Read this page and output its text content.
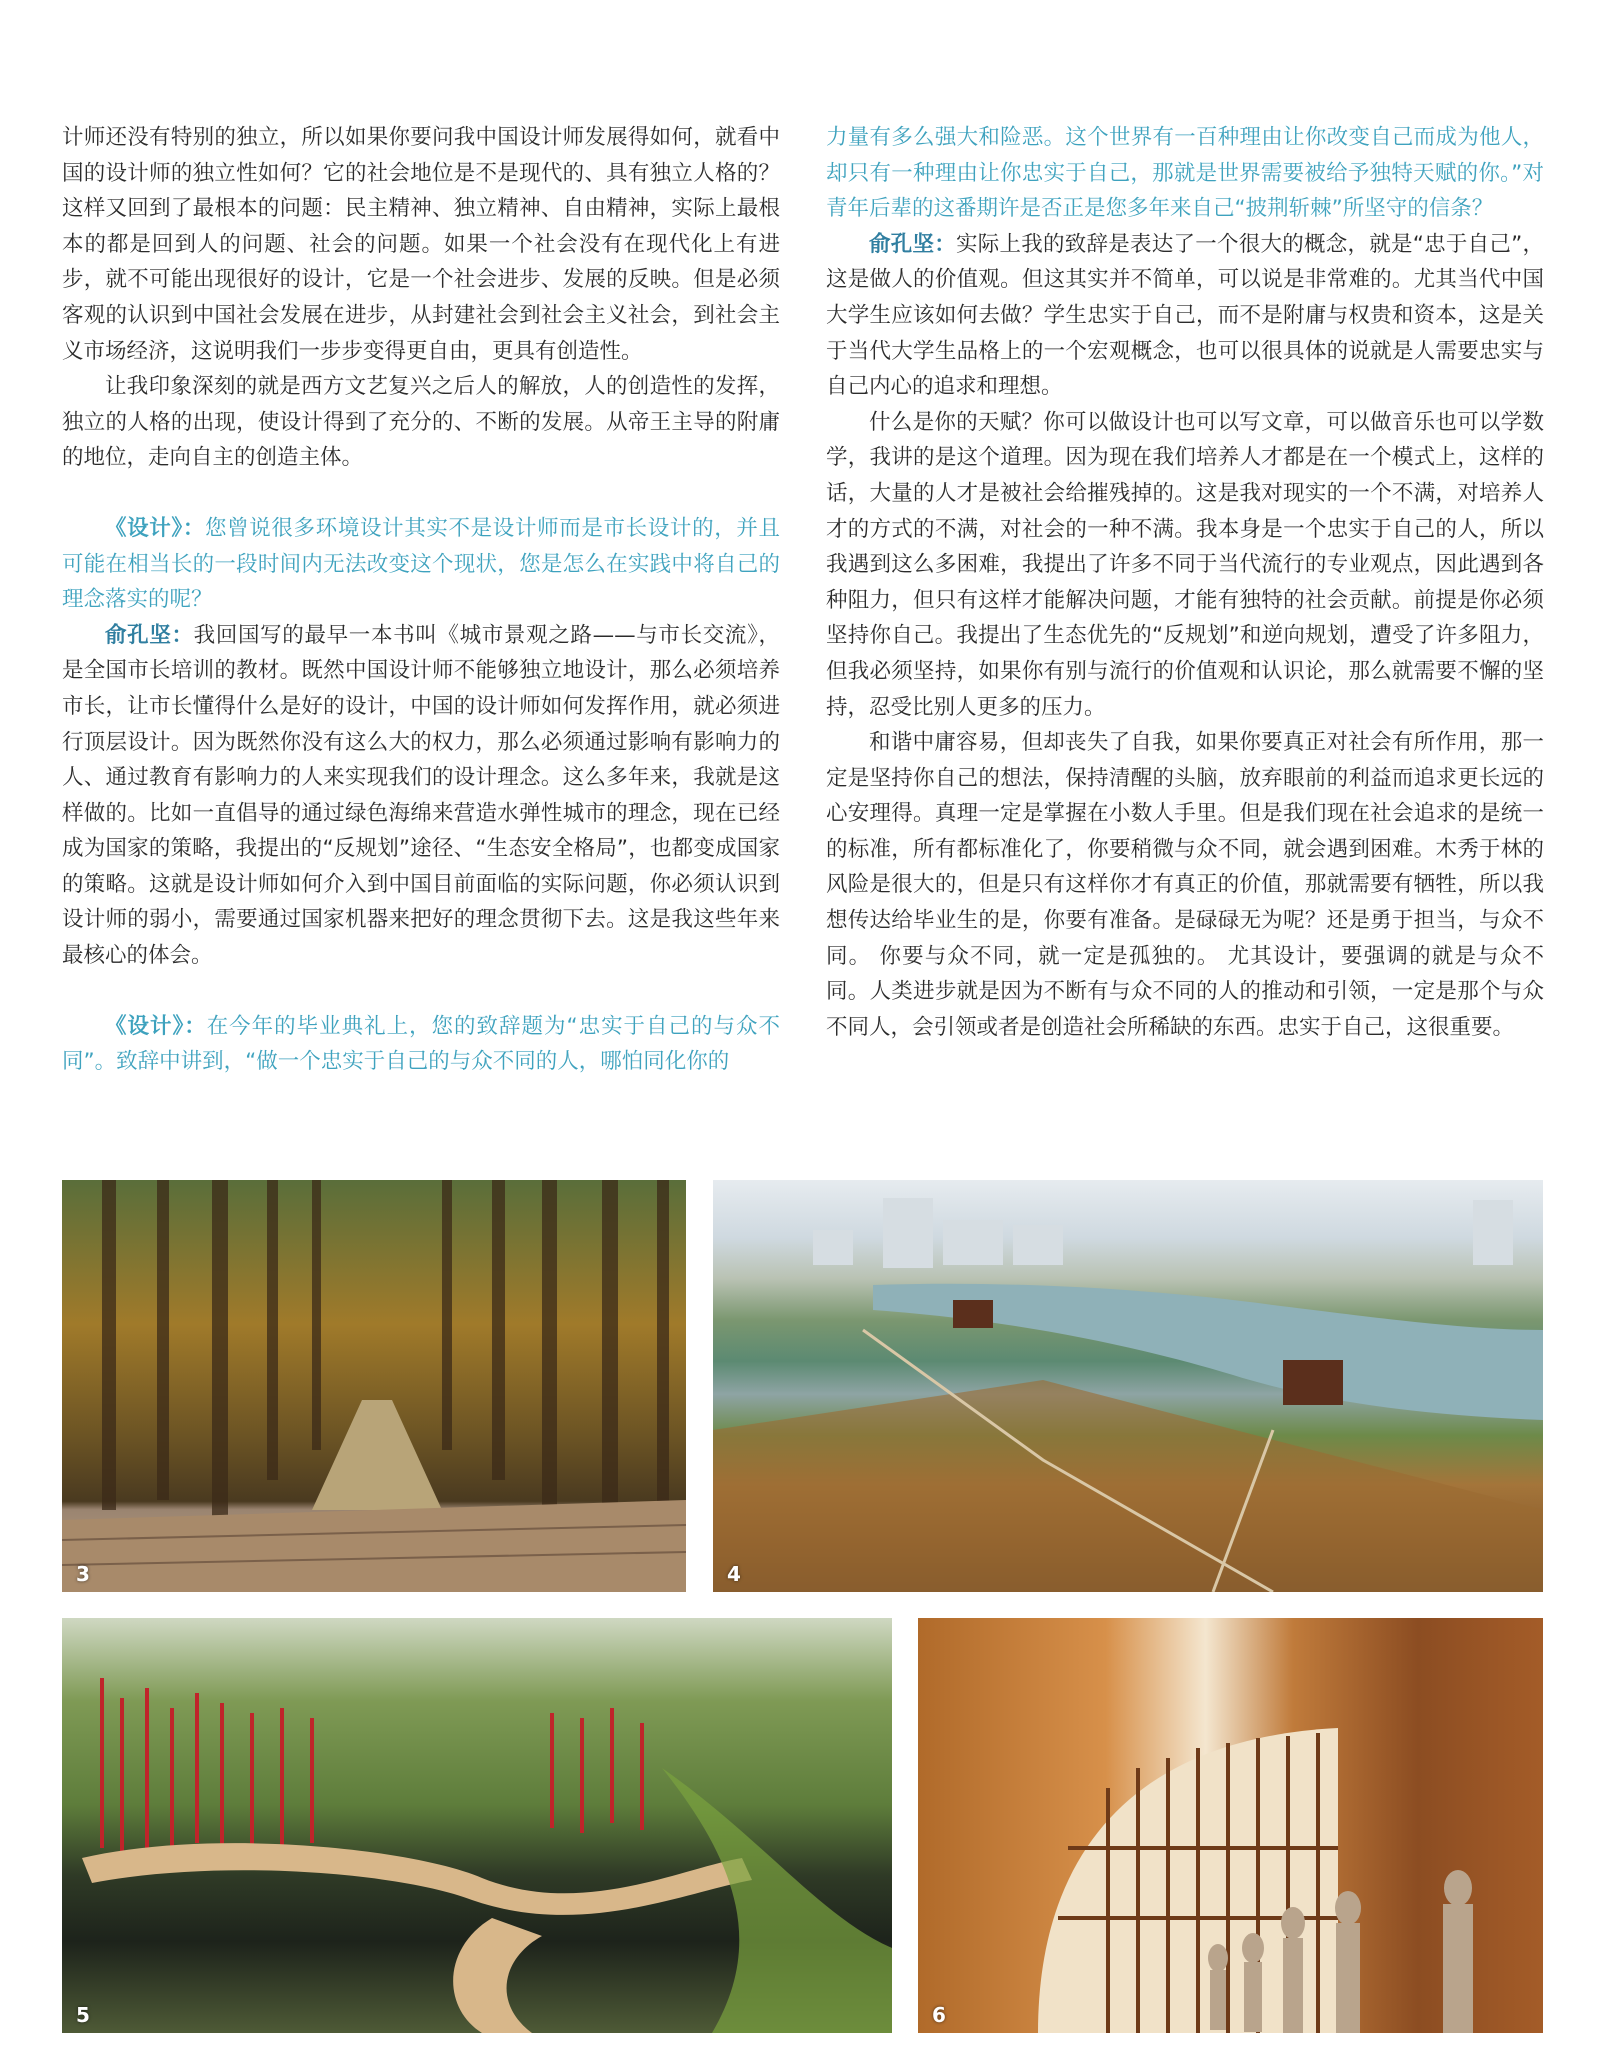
计师还没有特别的独立，所以如果你要问我中国设计师发展得如何，就看中国的设计师的独立性如何？它的社会地位是不是现代的、具有独立人格的？这样又回到了最根本的问题：民主精神、独立精神、自由精神，实际上最根本的都是回到人的问题、社会的问题。如果一个社会没有在现代化上有进步，就不可能出现很好的设计，它是一个社会进步、发展的反映。但是必须客观的认识到中国社会发展在进步，从封建社会到社会主义社会，到社会主义市场经济，这说明我们一步步变得更自由，更具有创造性。

让我印象深刻的就是西方文艺复兴之后人的解放，人的创造性的发挥，独立的人格的出现，使设计得到了充分的、不断的发展。从帝王主导的附庸的地位，走向自主的创造主体。

《设计》：您曾说很多环境设计其实不是设计师而是市长设计的，并且可能在相当长的一段时间内无法改变这个现状，您是怎么在实践中将自己的理念落实的呢？

俞孔坚：我回国写的最早一本书叫《城市景观之路——与市长交流》，是全国市长培训的教材。既然中国设计师不能够独立地设计，那么必须培养市长，让市长懂得什么是好的设计，中国的设计师如何发挥作用，就必须进行顶层设计。因为既然你没有这么大的权力，那么必须通过影响有影响力的人、通过教育有影响力的人来实现我们的设计理念。这么多年来，我就是这样做的。比如一直倡导的通过绿色海绵来营造水弹性城市的理念，现在已经成为国家的策略，我提出的“反规划”途径、“生态安全格局”，也都变成国家的策略。这就是设计师如何介入到中国目前面临的实际问题，你必须认识到设计师的弱小，需要通过国家机器来把好的理念贯彻下去。这是我这些年来最核心的体会。

《设计》：在今年的毕业典礼上，您的致辞题为“忠实于自己的与众不同”。致辞中讲到，“做一个忠实于自己的与众不同的人，哪怕同化你的

力量有多么强大和险恶。这个世界有一百种理由让你改变自己而成为他人，却只有一种理由让你忠实于自己，那就是世界需要被给予独特天赋的你。”对青年后辈的这番期许是否正是您多年来自己“披荆斩棘”所坚守的信条？

俞孔坚：实际上我的致辞是表达了一个很大的概念，就是“忠于自己”，这是做人的价值观。但这其实并不简单，可以说是非常难的。尤其当代中国大学生应该如何去做？学生忠实于自己，而不是附庸与权贵和资本，这是关于当代大学生品格上的一个宏观概念，也可以很具体的说就是人需要忠实与自己内心的追求和理想。

什么是你的天赋？你可以做设计也可以写文章，可以做音乐也可以学数学，我讲的是这个道理。因为现在我们培养人才都是在一个模式上，这样的话，大量的人才是被社会给摧残掉的。这是我对现实的一个不满，对培养人才的方式的不满，对社会的一种不满。我本身是一个忠实于自己的人，所以我遇到这么多困难，我提出了许多不同于当代流行的专业观点，因此遇到各种阻力，但只有这样才能解决问题，才能有独特的社会贡献。前提是你必须坚持你自己。我提出了生态优先的“反规划”和逆向规划，遭受了许多阻力，但我必须坚持，如果你有别与流行的价值观和认识论，那么就需要不懈的坚持，忍受比别人更多的压力。

和谐中庸容易，但却丧失了自我，如果你要真正对社会有所作用，那一定是坚持你自己的想法，保持清醒的头脑，放弃眼前的利益而追求更长远的心安理得。真理一定是掌握在小数人手里。但是我们现在社会追求的是统一的标准，所有都标准化了，你要稍微与众不同，就会遇到困难。木秀于林的风险是很大的，但是只有这样你才有真正的价值，那就需要有牺牲，所以我想传达给毕业生的是，你要有准备。是碌碌无为呢？还是勇于担当，与众不同。 你要与众不同，就一定是孤独的。 尤其设计，要强调的就是与众不同。人类进步就是因为不断有与众不同的人的推动和引领，一定是那个与众不同人，会引领或者是创造社会所稀缺的东西。忠实于自己，这很重要。

3	4
5	6
